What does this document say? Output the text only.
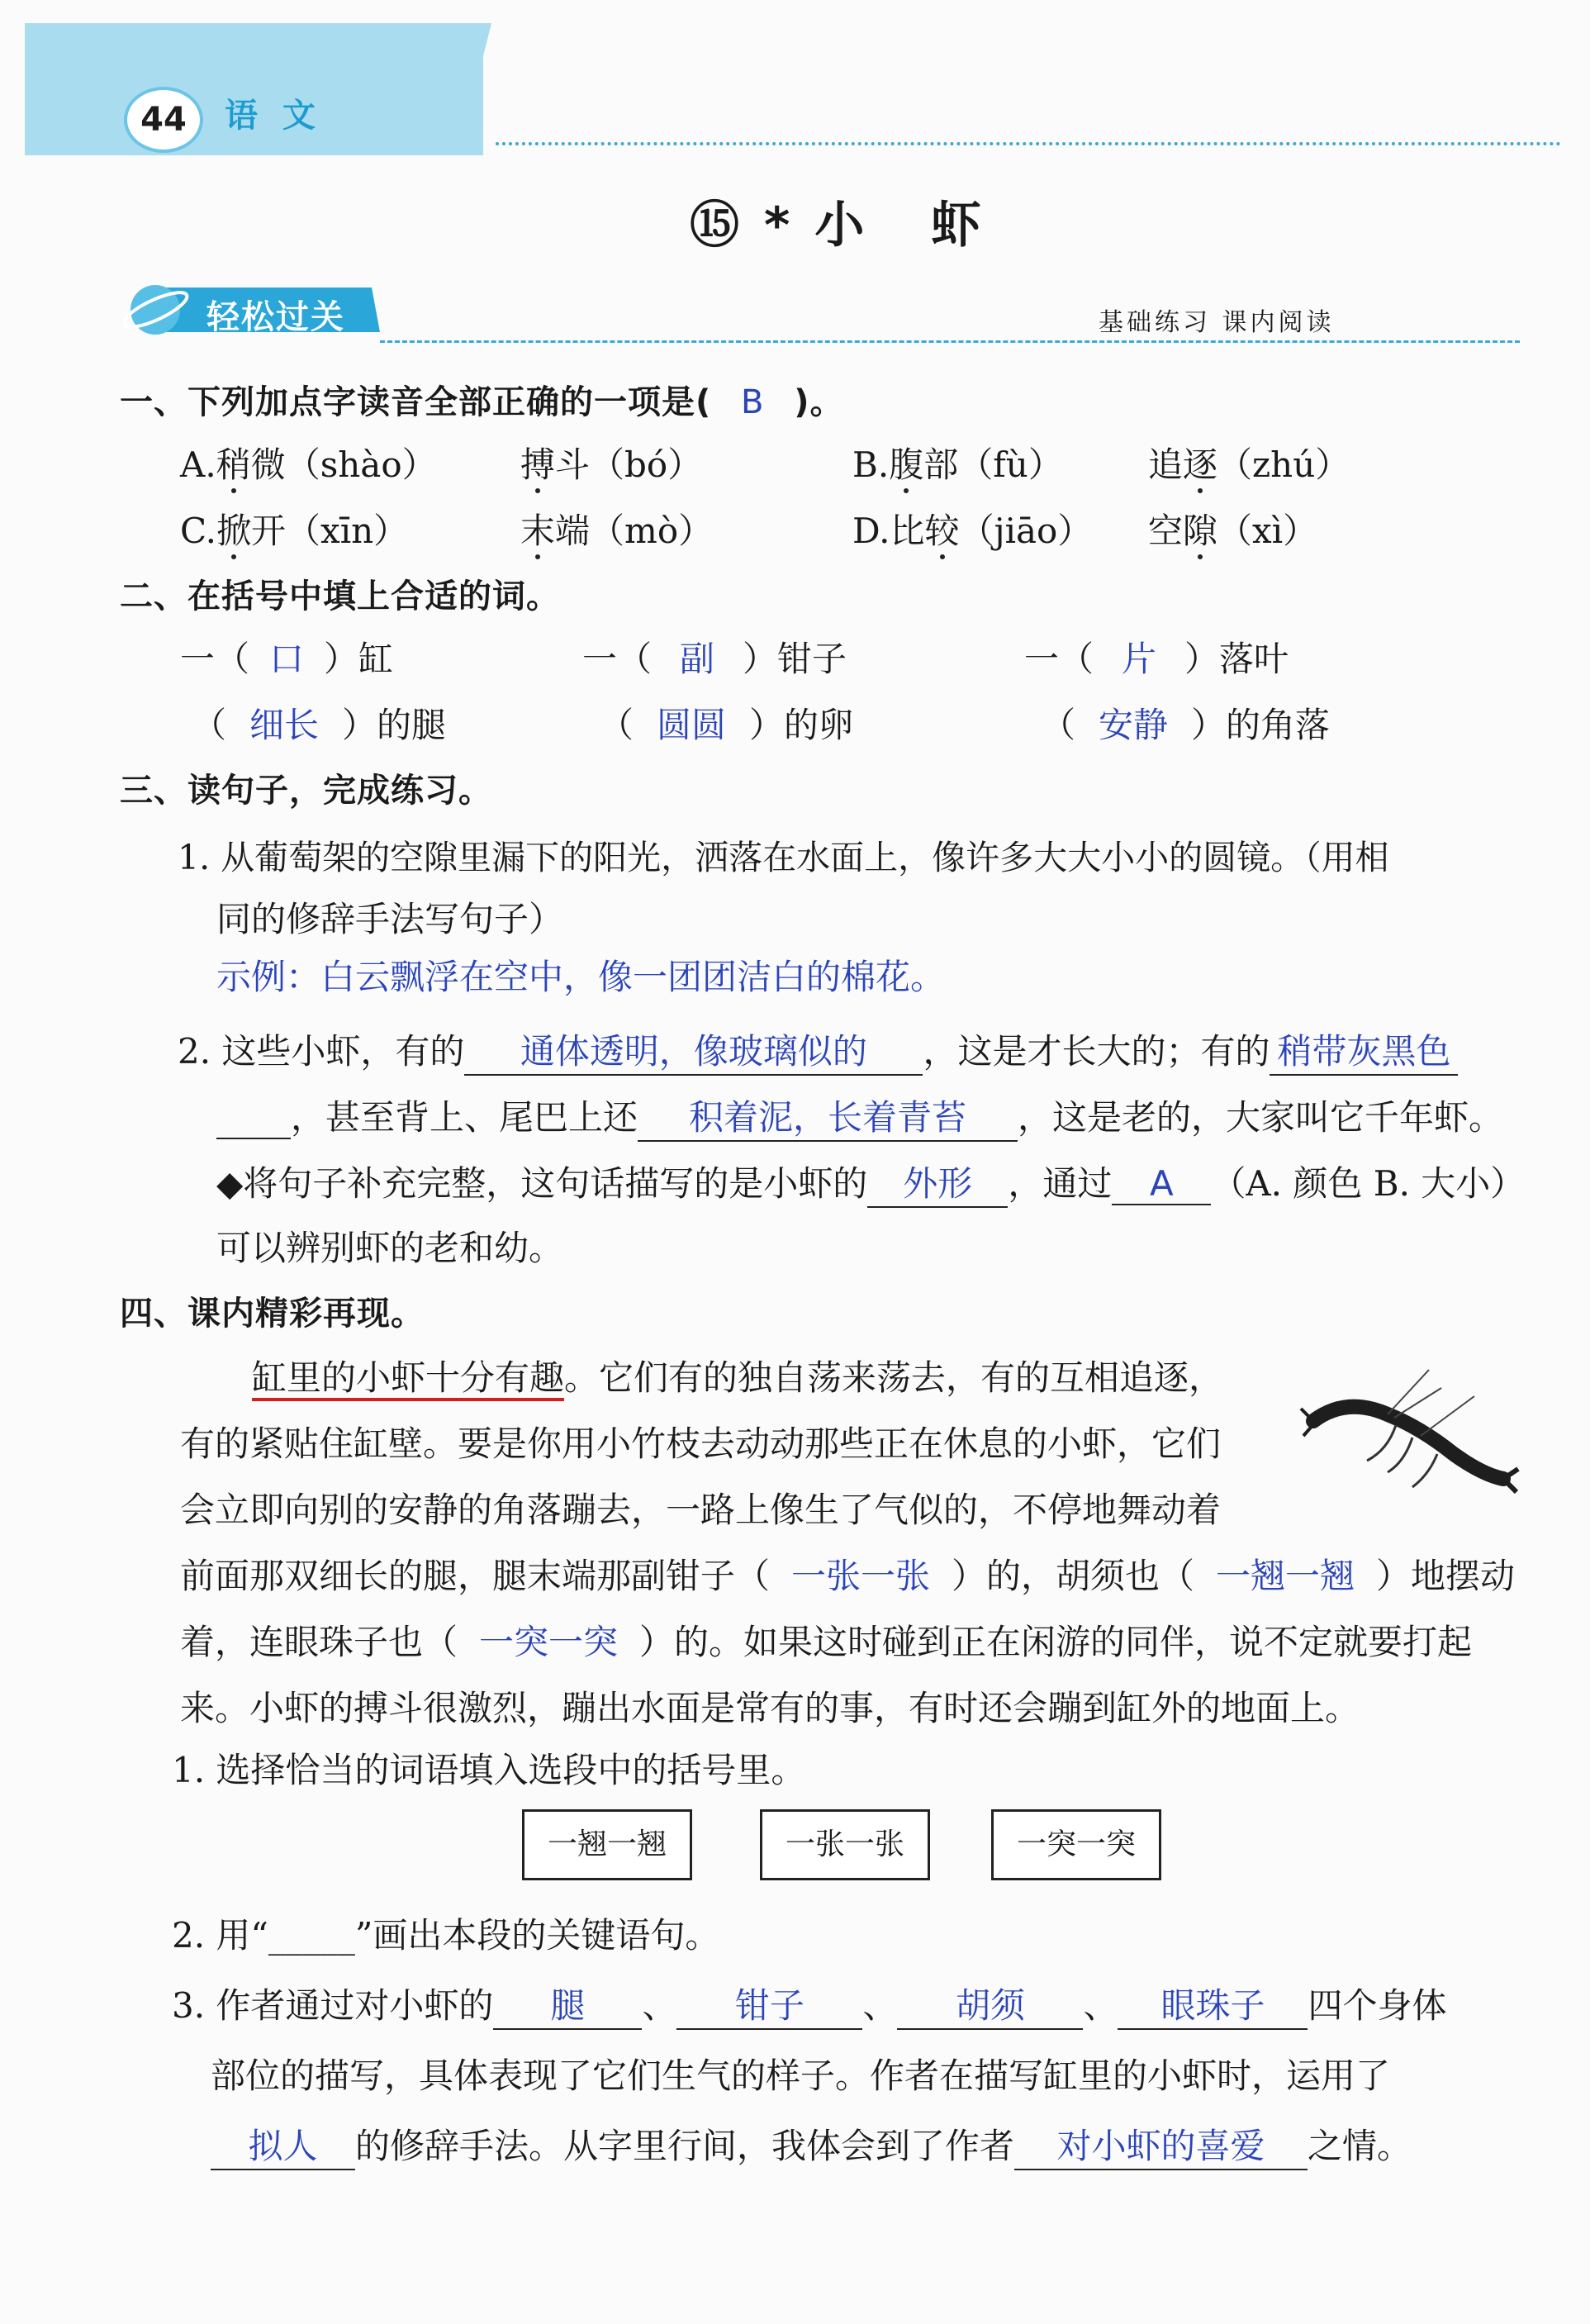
44	语 文
⑮*小 虾
轻松过关	基础练习 课内阅读
一、下列加点字读音全部正确的一项是( B )。
A.稍微（shào） 搏斗（bó）	B.腹部（fù） 追逐（zhú）
C.掀开（xīn）	末端（mò）	D.比较（jiāo） 空隙（xì）
二、在括号中填上合适的词。
一（ 口 ）缸	一（ 副 ）钳子	一（ 片 ）落叶
（ 细长 ）的腿	（ 圆圆 ）的卵	（ 安静 ）的角落
三、读句子，完成练习。
1. 从葡萄架的空隙里漏下的阳光，洒落在水面上，像许多大大小小的圆镜。（用相
同的修辞手法写句子）
示例：白云飘浮在空中，像一团团洁白的棉花。
2. 这些小虾，有的 通体透明，像玻璃似的 ，这是才长大的；有的 稍带灰黑色
，甚至背上、尾巴上还 积着泥，长着青苔 ，这是老的，大家叫它千年虾。
◆将句子补充完整，这句话描写的是小虾的 外形 ，通过 A （A. 颜色 B. 大小）
可以辨别虾的老和幼。
四、课内精彩再现。
缸里的小虾十分有趣。它们有的独自荡来荡去，有的互相追逐，
有的紧贴住缸壁。要是你用小竹枝去动动那些正在休息的小虾，它们
会立即向别的安静的角落蹦去，一路上像生了气似的，不停地舞动着
前面那双细长的腿，腿末端那副钳子（ 一张一张 ）的，胡须也（ 一翘一翘 ）地摆动
着，连眼珠子也（ 一突一突 ）的。如果这时碰到正在闲游的同伴，说不定就要打起
来。小虾的搏斗很激烈，蹦出水面是常有的事，有时还会蹦到缸外的地面上。
1. 选择恰当的词语填入选段中的括号里。
一翘一翘	一张一张	一突一突
2. 用“_____”画出本段的关键语句。
3. 作者通过对小虾的 腿 、 钳子 、 胡须 、 眼珠子 四个身体
部位的描写，具体表现了它们生气的样子。作者在描写缸里的小虾时，运用了
拟人 的修辞手法。从字里行间，我体会到了作者 对小虾的喜爱 之情。
